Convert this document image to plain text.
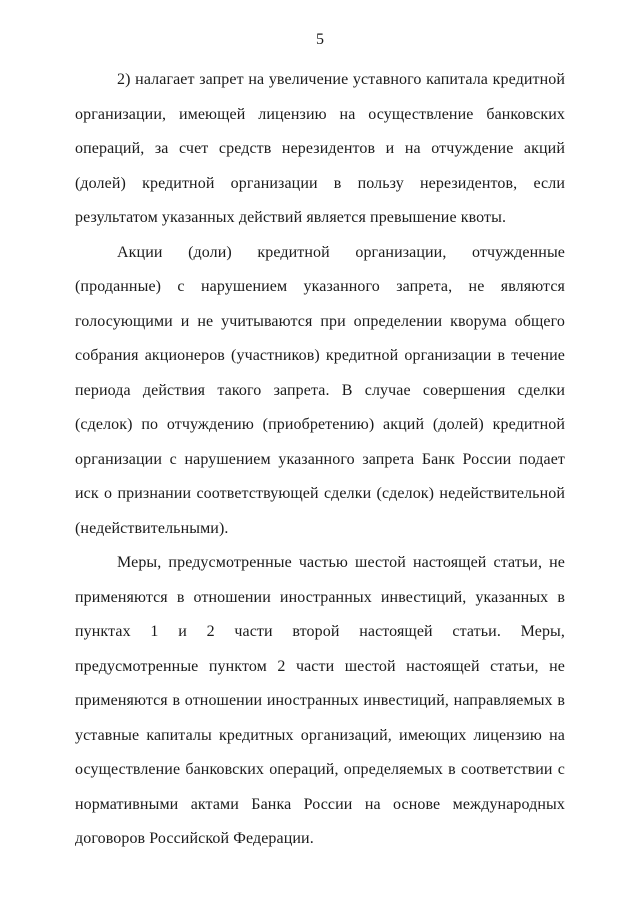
5

2) налагает запрет на увеличение уставного капитала кредитной организации, имеющей лицензию на осуществление банковских операций, за счет средств нерезидентов и на отчуждение акций (долей) кредитной организации в пользу нерезидентов, если результатом указанных действий является превышение квоты.

Акции (доли) кредитной организации, отчужденные (проданные) с нарушением указанного запрета, не являются голосующими и не учитываются при определении кворума общего собрания акционеров (участников) кредитной организации в течение периода действия такого запрета. В случае совершения сделки (сделок) по отчуждению (приобретению) акций (долей) кредитной организации с нарушением указанного запрета Банк России подает иск о признании соответствующей сделки (сделок) недействительной (недействительными).

Меры, предусмотренные частью шестой настоящей статьи, не применяются в отношении иностранных инвестиций, указанных в пунктах 1 и 2 части второй настоящей статьи. Меры, предусмотренные пунктом 2 части шестой настоящей статьи, не применяются в отношении иностранных инвестиций, направляемых в уставные капиталы кредитных организаций, имеющих лицензию на осуществление банковских операций, определяемых в соответствии с нормативными актами Банка России на основе международных договоров Российской Федерации.
